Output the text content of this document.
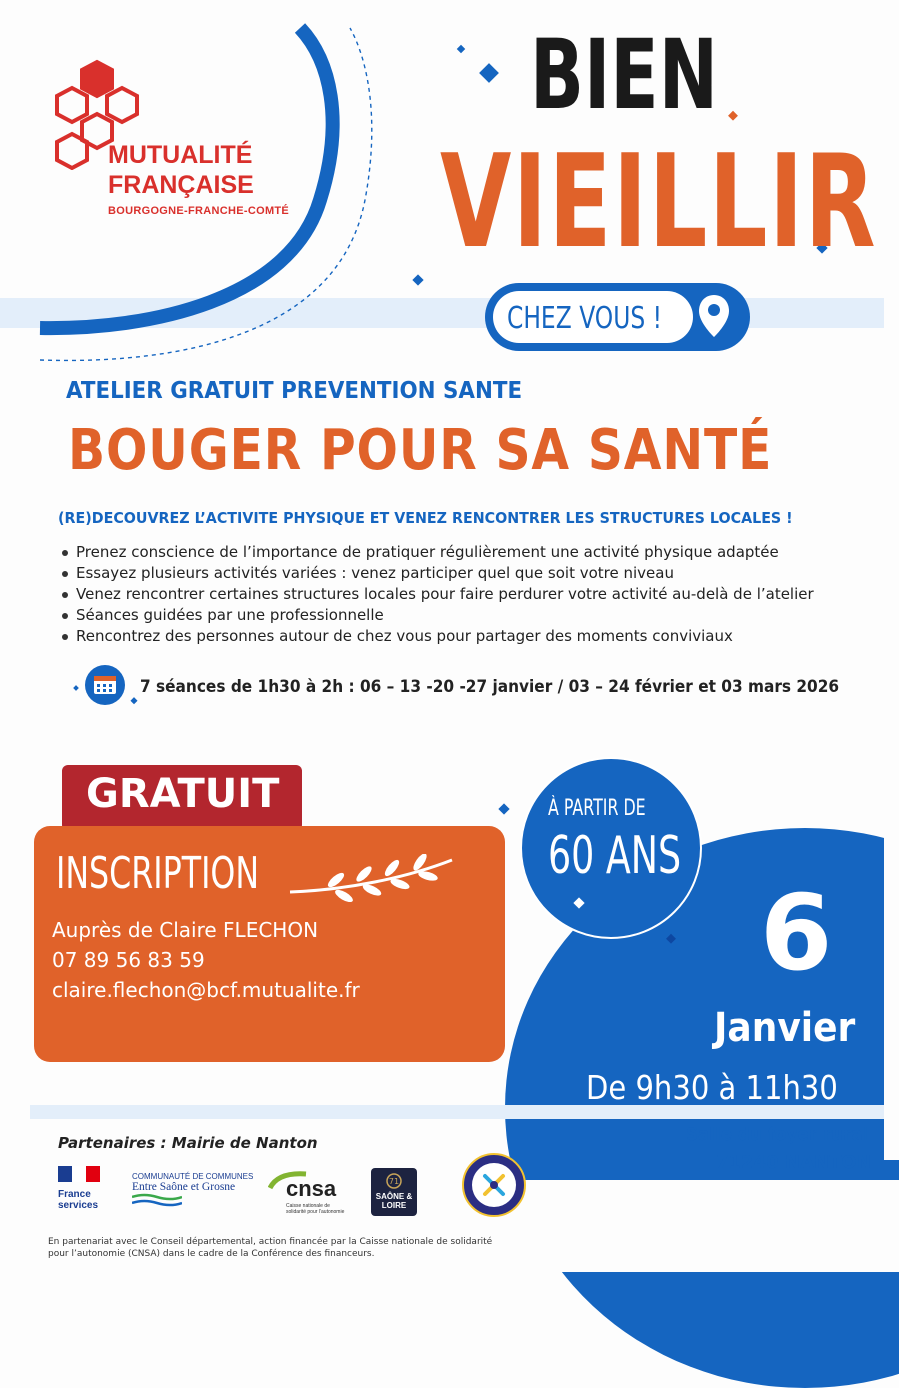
MUTUALITÉ
FRANÇAISE
BOURGOGNE-FRANCHE-COMTÉ
BIEN
VIEILLIR
CHEZ VOUS !
ATELIER GRATUIT PREVENTION SANTE
BOUGER POUR SA SANTÉ
(RE)DECOUVREZ L’ACTIVITE PHYSIQUE ET VENEZ RENCONTRER LES STRUCTURES LOCALES !
Prenez conscience de l’importance de pratiquer régulièrement une activité physique adaptée
Essayez plusieurs activités variées : venez participer quel que soit votre niveau
Venez rencontrer certaines structures locales pour faire perdurer votre activité au-delà de l’atelier
Séances guidées par une professionnelle
Rencontrez des personnes autour de chez vous pour partager des moments conviviaux
7 séances de 1h30 à 2h : 06 – 13 -20 -27 janvier / 03 – 24 février et 03 mars 2026
GRATUIT
INSCRIPTION
Auprès de Claire FLECHON
07 89 56 83 59
claire.flechon@bcf.mutualite.fr
À PARTIR DE
60 ANS
6
Janvier
De 9h30 à 11h30
Salle du foyer rural
71240 NANTON
Partenaires : Mairie de Nanton
France services
COMMUNAUTÉ DE COMMUNES
Entre Saône et Grosne	cnsa
Caisse nationale de solidarité pour l’autonomie
71
SAÔNE & LOIRE
En partenariat avec le Conseil départemental, action financée par la Caisse nationale de solidarité pour l’autonomie (CNSA) dans le cadre de la Conférence des financeurs.
